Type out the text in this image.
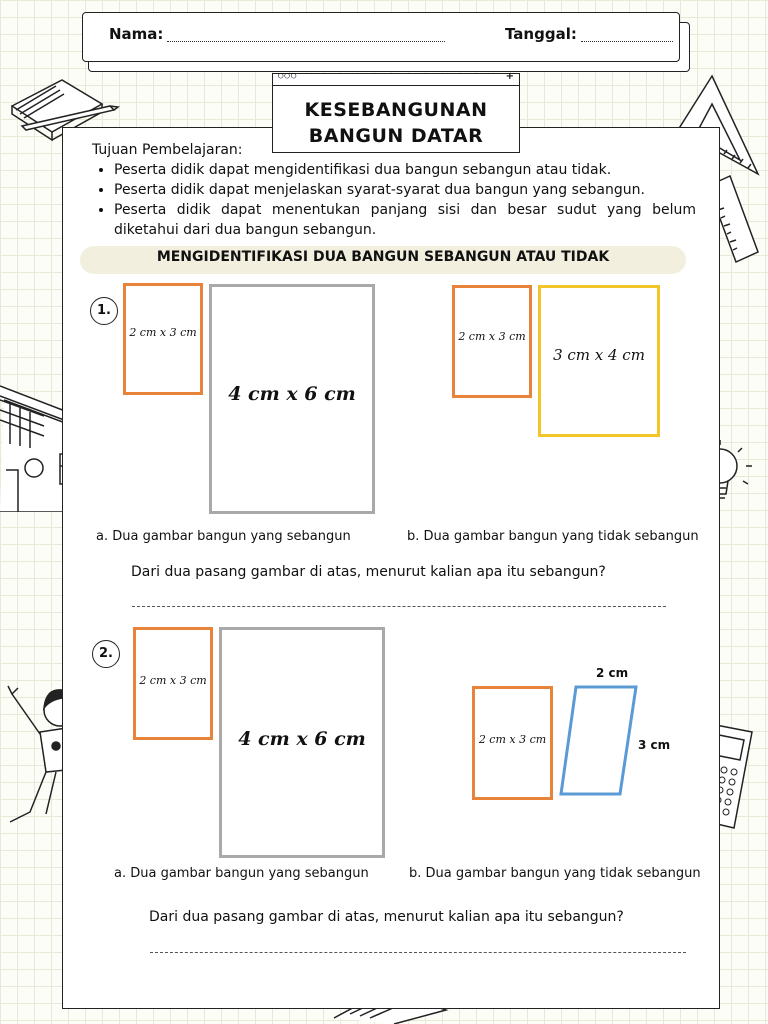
Nama:	Tanggal:
○○○	+
KESEBANGUNAN
BANGUN DATAR
Tujuan Pembelajaran:
• Peserta didik dapat mengidentifikasi dua bangun sebangun atau tidak.
• Peserta didik dapat menjelaskan syarat-syarat dua bangun yang sebangun.
• Peserta didik dapat menentukan panjang sisi dan besar sudut yang belum diketahui dari dua bangun sebangun.
MENGIDENTIFIKASI DUA BANGUN SEBANGUN ATAU TIDAK
1.
2 cm x 3 cm
4 cm x 6 cm
2 cm x 3 cm
3 cm x 4 cm
a. Dua gambar bangun yang sebangun	b. Dua gambar bangun yang tidak sebangun
Dari dua pasang gambar di atas, menurut kalian apa itu sebangun?
2.
2 cm x 3 cm
4 cm x 6 cm	2 cm x 3 cm
2 cm
3 cm
a. Dua gambar bangun yang sebangun	b. Dua gambar bangun yang tidak sebangun
Dari dua pasang gambar di atas, menurut kalian apa itu sebangun?
